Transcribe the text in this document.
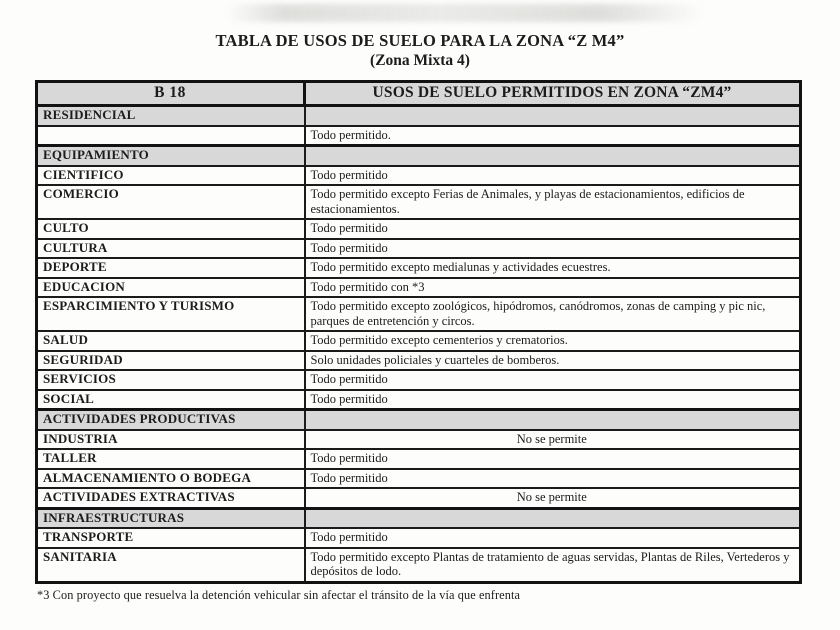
TABLA DE USOS DE SUELO PARA LA ZONA “Z M4”
(Zona Mixta 4)
B 18	USOS DE SUELO PERMITIDOS EN ZONA “ZM4”
RESIDENCIAL	
	Todo permitido.
EQUIPAMIENTO	
CIENTIFICO	Todo permitido
COMERCIO	Todo permitido excepto Ferias de Animales, y playas de estacionamientos, edificios de estacionamientos.
CULTO	Todo permitido
CULTURA	Todo permitido
DEPORTE	Todo permitido excepto medialunas y actividades ecuestres.
EDUCACION	Todo permitido con *3
ESPARCIMIENTO Y TURISMO	Todo permitido excepto zoológicos, hipódromos, canódromos, zonas de camping y pic nic, parques de entretención y circos.
SALUD	Todo permitido excepto cementerios y crematorios.
SEGURIDAD	Solo unidades policiales y cuarteles de bomberos.
SERVICIOS	Todo permitido
SOCIAL	Todo permitido
ACTIVIDADES PRODUCTIVAS	
INDUSTRIA	No se permite
TALLER	Todo permitido
ALMACENAMIENTO O BODEGA	Todo permitido
ACTIVIDADES EXTRACTIVAS	No se permite
INFRAESTRUCTURAS	
TRANSPORTE	Todo permitido
SANITARIA	Todo permitido excepto Plantas de tratamiento de aguas servidas, Plantas de Riles, Vertederos y depósitos de lodo.
*3 Con proyecto que resuelva la detención vehicular sin afectar el tránsito de la vía que enfrenta
